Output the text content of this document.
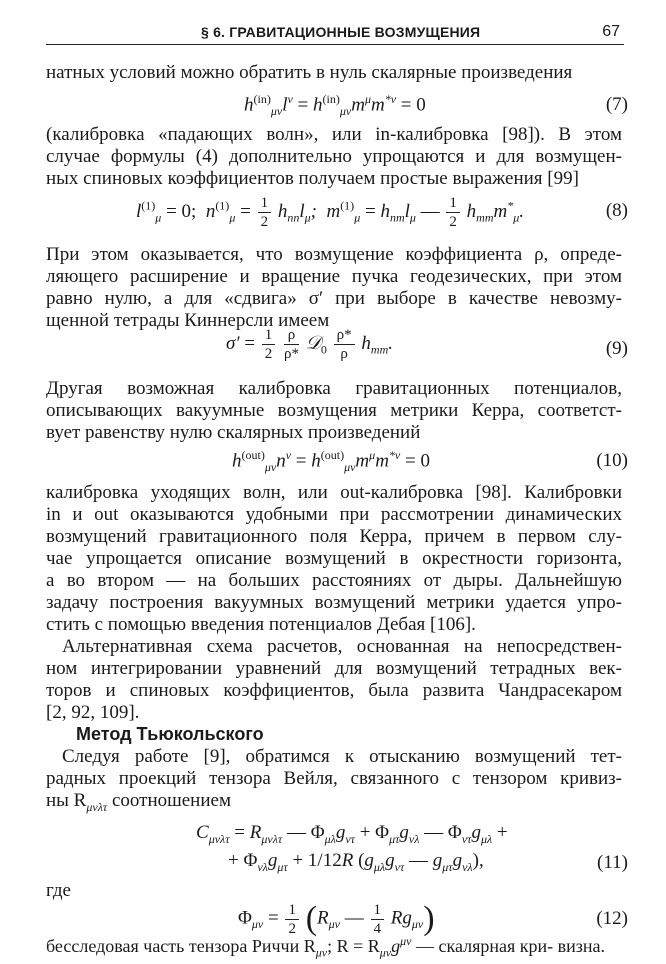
§ 6. ГРАВИТАЦИОННЫЕ ВОЗМУЩЕНИЯ	67
натных условий можно обратить в нуль скалярные произведения
$h^{(in)}_{\mu\nu}l^\nu = h^{(in)}_{\mu\nu}m^\mu m^{*\nu} = 0$	(7)
(калибровка «падающих волн», или in-калибровка [98]). В этом
случае формулы (4) дополнительно упрощаются и для возмущен-
ных спиновых коэффициентов получаем простые выражения [99]
$l^{(1)}_\mu = 0$;  $n^{(1)}_\mu = \frac{1}{2} h_{nn}l_\mu$;  $m^{(1)}_\mu = h_{nm}l_\mu$ — $\frac{1}{2} h_{mm}m^*_\mu$.	(8)
При этом оказывается, что возмущение коэффициента ρ, опреде-
ляющего расширение и вращение пучка геодезических, при этом
равно нулю, а для «сдвига» σ′ при выборе в качестве невозму-
щенной тетрады Киннерсли имеем
$\sigma' = \frac{1}{2}$
$\frac{\rho}{\rho*}$ 𝒟$_0$ $\frac{\rho*}{\rho} h_{mm}$.	(9)
Другая возможная калибровка гравитационных потенциалов,
описывающих вакуумные возмущения метрики Керра, соответст-
вует равенству нулю скалярных произведений
$h^{(out)}_{\mu\nu}n^\nu = h^{(out)}_{\mu\nu}m^\mu m^{*\nu} = 0$	(10)
калибровка уходящих волн, или out-калибровка [98]. Калибровки
in и out оказываются удобными при рассмотрении динамических
возмущений гравитационного поля Керра, причем в первом слу-
чае упрощается описание возмущений в окрестности горизонта,
а во втором — на больших расстояниях от дыры. Дальнейшую
задачу построения вакуумных возмущений метрики удается упро-
стить с помощью введения потенциалов Дебая [106].
Альтернативная схема расчетов, основанная на непосредствен-
ном интегрировании уравнений для возмущений тетрадных век-
торов и спиновых коэффициентов, была развита Чандрасекаром
[2, 92, 109].
Метод Тьюкольского
Следуя работе [9], обратимся к отысканию возмущений тет-
радных проекций тензора Вейля, связанного с тензором кривиз-
ны $R_{\mu\nu\lambda\tau}$ соотношением
$C_{\mu\nu\lambda\tau} = R_{\mu\nu\lambda\tau}$ — $\Phi_{\mu\lambda}g_{\nu\tau} + \Phi_{\mu\tau}g_{\nu\lambda}$ — $\Phi_{\nu\tau}g_{\mu\lambda}$ +
+ $\Phi_{\nu\lambda}g_{\mu\tau} + 1/12R$ ($g_{\mu\lambda}g_{\nu\tau}$ — $g_{\mu\tau}g_{\nu\lambda}$),	(11)
где
$\Phi_{\mu\nu} = \frac{1}{2} (R_{\mu\nu}$ — $\frac{1}{4} Rg_{\mu\nu}$)	(12)
бесследовая часть тензора Риччи $R_{\mu\nu}$; $R = R_{\mu\nu}g^{\mu\nu}$ — скалярная кри- визна.
